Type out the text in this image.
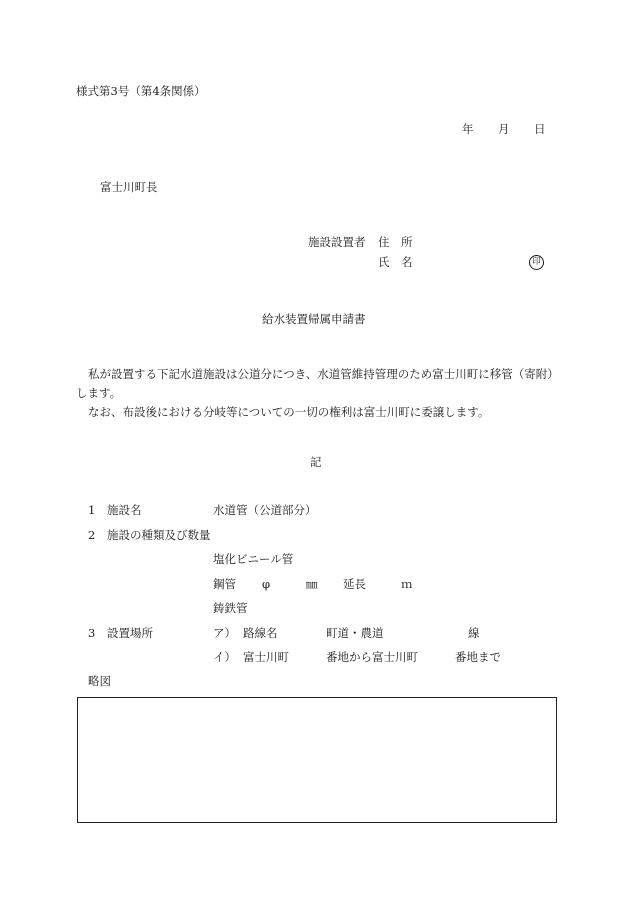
様式第3号（第4条関係）
年 月 日
富士川町長
施設設置者 住　所
氏　名	印
給水装置帰属申請書
私が設置する下記水道施設は公道分につき、水道管維持管理のため富士川町に移管（寄附）します。
なお、布設後における分岐等についての一切の権利は富士川町に委譲します。
記
1 施設名	水道管（公道部分）
2 施設の種類及び数量
塩化ビニール管
鋼管 φ	㎜ 延長	ｍ
鋳鉄管
3 設置場所	ア） 路線名	町道・農道	線
イ） 富士川町	番地から富士川町	番地まで
略図
